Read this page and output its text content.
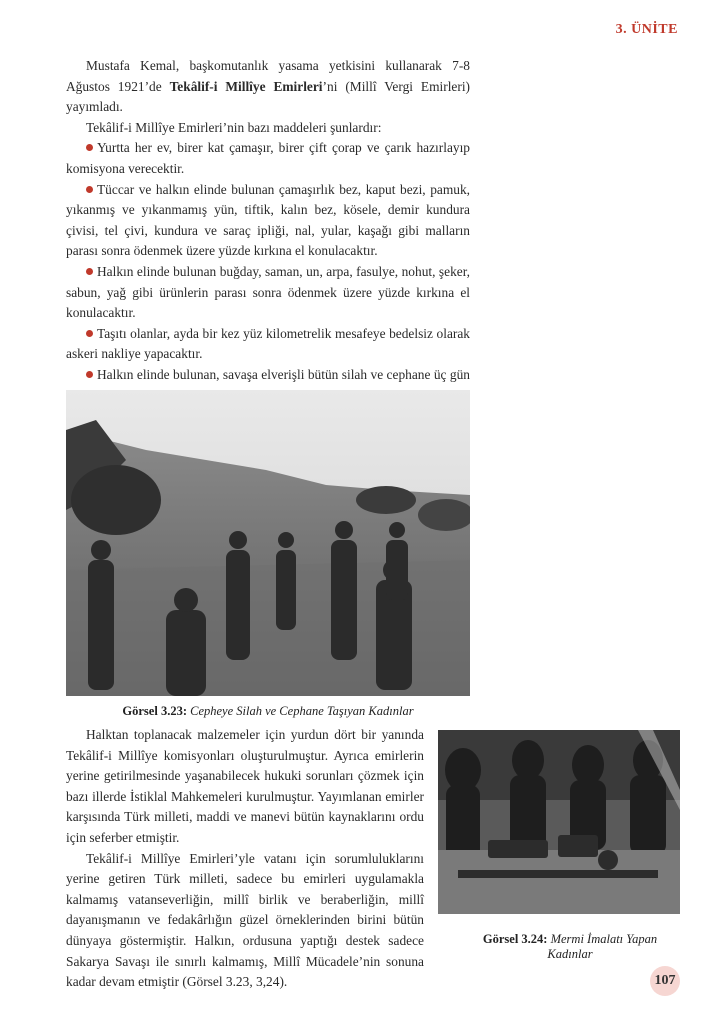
3. ÜNİTE

Mustafa Kemal, başkomutanlık yasama yetkisini kullanarak 7-8 Ağustos 1921’de Tekâlif-i Millîye Emirleri’ni (Millî Vergi Emirleri) yayımladı.

Tekâlif-i Millîye Emirleri’nin bazı maddeleri şunlardır:

Yurtta her ev, birer kat çamaşır, birer çift çorap ve çarık hazırlayıp komisyona verecektir.

Tüccar ve halkın elinde bulunan çamaşırlık bez, kaput bezi, pamuk, yıkanmış ve yıkanmamış yün, tiftik, kalın bez, kösele, demir kundura çivisi, tel çivi, kundura ve saraç ipliği, nal, yular, kaşağı gibi malların parası sonra ödenmek üzere yüzde kırkına el konulacaktır.

Halkın elinde bulunan buğday, saman, un, arpa, fasulye, nohut, şeker, sabun, yağ gibi ürünlerin parası sonra ödenmek üzere yüzde kırkına el konulacaktır.

Taşıtı olanlar, ayda bir kez yüz kilometrelik mesafeye bedelsiz olarak askeri nakliye yapacaktır.

Halkın elinde bulunan, savaşa elverişli bütün silah ve cephane üç gün

Görsel 3.23: Cepheye Silah ve Cephane Taşıyan Kadınlar

Halktan toplanacak malzemeler için yurdun dört bir yanında Tekâlif-i Millîye komisyonları oluşturulmuştur. Ayrıca emirlerin yerine getirilmesinde yaşanabilecek hukuki sorunları çözmek için bazı illerde İstiklal Mahkemeleri kurulmuştur. Yayımlanan emirler karşısında Türk milleti, maddi ve manevi bütün kaynaklarını ordu için seferber etmiştir.

Tekâlif-i Millîye Emirleri’yle vatanı için sorumluluklarını yerine getiren Türk milleti, sadece bu emirleri uygulamakla kalmamış vatanseverliğin, millî birlik ve beraberliğin, millî dayanışmanın ve fedakârlığın güzel örneklerinden birini bütün dünyaya göstermiştir. Halkın, ordusuna yaptığı destek sadece Sakarya Savaşı ile sınırlı kalmamış, Millî Mücadele’nin sonuna kadar devam etmiştir (Görsel 3.23, 3,24).

Görsel 3.24: Mermi İmalatı Yapan Kadınlar
107
